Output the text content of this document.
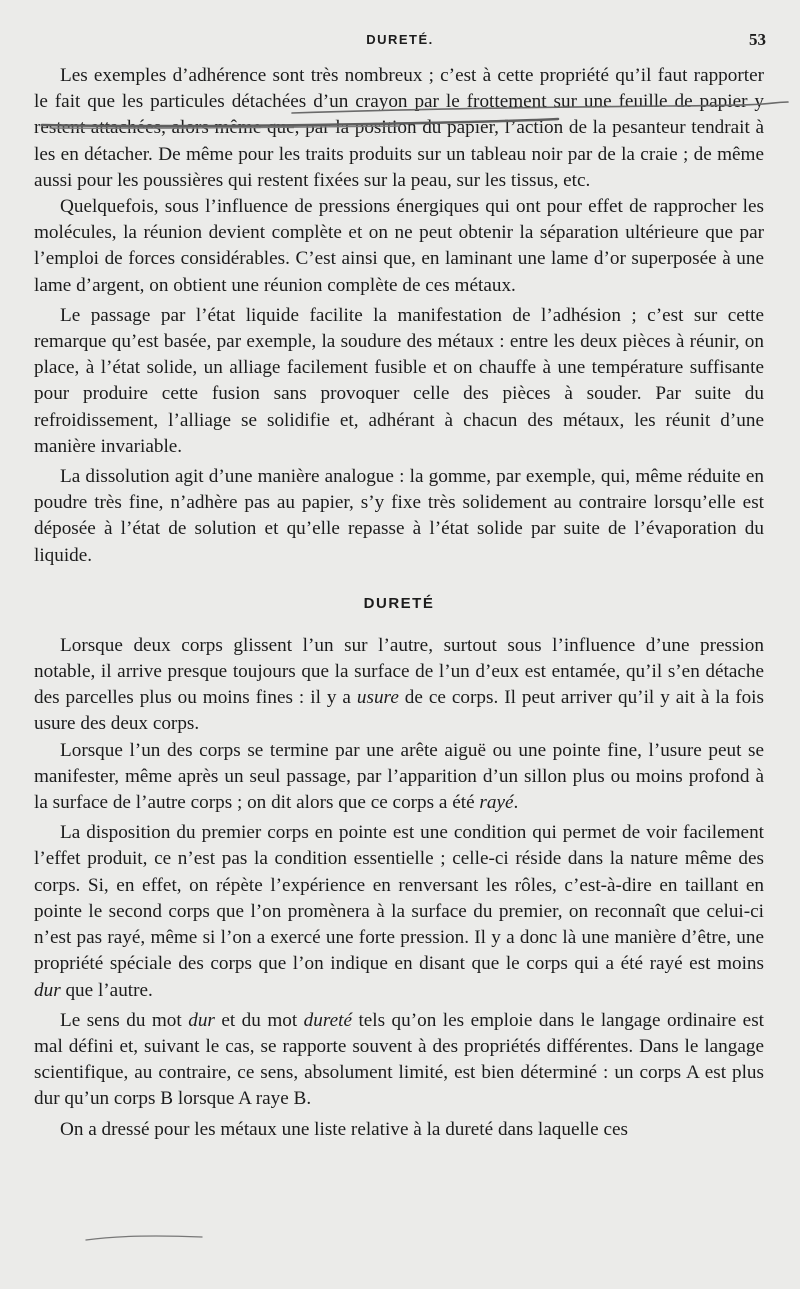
DURETÉ.	53

Les exemples d’adhérence sont très nombreux ; c’est à cette propriété qu’il faut rapporter le fait que les particules détachées d’un crayon par le frottement sur une feuille de papier y restent attachées, alors même que, par la position du papier, l’action de la pesanteur tendrait à les en détacher. De même pour les traits produits sur un tableau noir par de la craie ; de même aussi pour les poussières qui restent fixées sur la peau, sur les tissus, etc.

Quelquefois, sous l’influence de pressions énergiques qui ont pour effet de rapprocher les molécules, la réunion devient complète et on ne peut obtenir la séparation ultérieure que par l’emploi de forces considérables. C’est ainsi que, en laminant une lame d’or superposée à une lame d’argent, on obtient une réunion complète de ces métaux.

Le passage par l’état liquide facilite la manifestation de l’adhésion ; c’est sur cette remarque qu’est basée, par exemple, la soudure des métaux : entre les deux pièces à réunir, on place, à l’état solide, un alliage facilement fusible et on chauffe à une température suffisante pour produire cette fusion sans provoquer celle des pièces à souder. Par suite du refroidissement, l’alliage se solidifie et, adhérant à chacun des métaux, les réunit d’une manière invariable.

La dissolution agit d’une manière analogue : la gomme, par exemple, qui, même réduite en poudre très fine, n’adhère pas au papier, s’y fixe très solidement au contraire lorsqu’elle est déposée à l’état de solution et qu’elle repasse à l’état solide par suite de l’évaporation du liquide.

DURETÉ

Lorsque deux corps glissent l’un sur l’autre, surtout sous l’influence d’une pression notable, il arrive presque toujours que la surface de l’un d’eux est entamée, qu’il s’en détache des parcelles plus ou moins fines : il y a usure de ce corps. Il peut arriver qu’il y ait à la fois usure des deux corps.

Lorsque l’un des corps se termine par une arête aiguë ou une pointe fine, l’usure peut se manifester, même après un seul passage, par l’apparition d’un sillon plus ou moins profond à la surface de l’autre corps ; on dit alors que ce corps a été rayé.

La disposition du premier corps en pointe est une condition qui permet de voir facilement l’effet produit, ce n’est pas la condition essentielle ; celle-ci réside dans la nature même des corps. Si, en effet, on répète l’expérience en renversant les rôles, c’est-à-dire en taillant en pointe le second corps que l’on promènera à la surface du premier, on reconnaît que celui-ci n’est pas rayé, même si l’on a exercé une forte pression. Il y a donc là une manière d’être, une propriété spéciale des corps que l’on indique en disant que le corps qui a été rayé est moins dur que l’autre.

Le sens du mot dur et du mot dureté tels qu’on les emploie dans le langage ordinaire est mal défini et, suivant le cas, se rapporte souvent à des propriétés différentes. Dans le langage scientifique, au contraire, ce sens, absolument limité, est bien déterminé : un corps A est plus dur qu’un corps B lorsque A raye B.

On a dressé pour les métaux une liste relative à la dureté dans laquelle ces
